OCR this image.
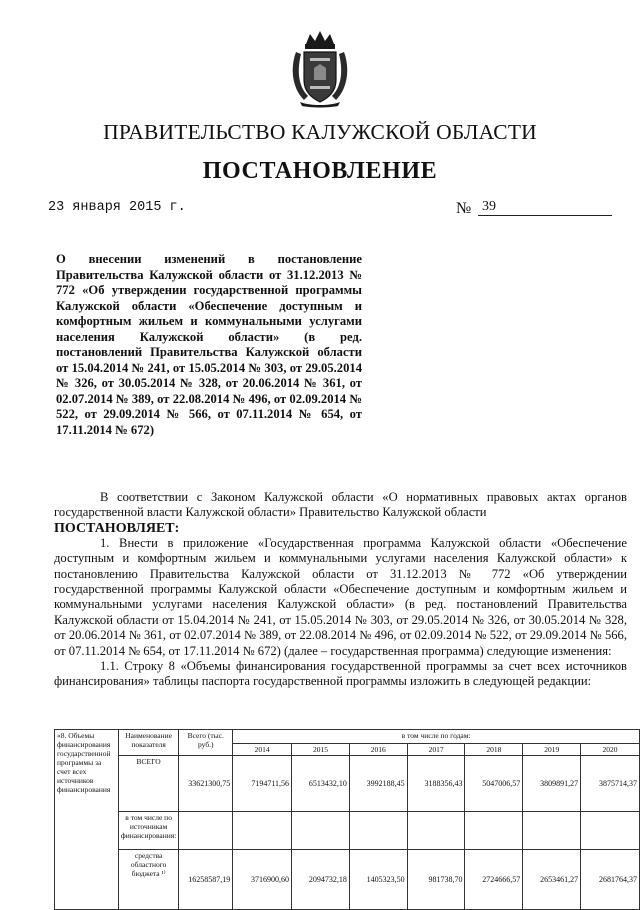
ПРАВИТЕЛЬСТВО КАЛУЖСКОЙ ОБЛАСТИ
ПОСТАНОВЛЕНИЕ
23 января 2015 г.	№ 39
О внесении изменений в постановление Правительства Калужской области от 31.12.2013 № 772 «Об утверждении государственной программы Калужской области «Обеспечение доступным и комфортным жильем и коммунальными услугами населения Калужской области» (в ред. постановлений Правительства Калужской области от 15.04.2014 № 241, от 15.05.2014 № 303, от 29.05.2014 № 326, от 30.05.2014 № 328, от 20.06.2014 № 361, от 02.07.2014 № 389, от 22.08.2014 № 496, от 02.09.2014 № 522, от 29.09.2014 № 566, от 07.11.2014 № 654, от 17.11.2014 № 672)

В соответствии с Законом Калужской области «О нормативных правовых актах органов государственной власти Калужской области» Правительство Калужской области

ПОСТАНОВЛЯЕТ:

1. Внести в приложение «Государственная программа Калужской области «Обеспечение доступным и комфортным жильем и коммунальными услугами населения Калужской области» к постановлению Правительства Калужской области от 31.12.2013 № 772 «Об утверждении государственной программы Калужской области «Обеспечение доступным и комфортным жильем и коммунальными услугами населения Калужской области» (в ред. постановлений Правительства Калужской области от 15.04.2014 № 241, от 15.05.2014 № 303, от 29.05.2014 № 326, от 30.05.2014 № 328, от 20.06.2014 № 361, от 02.07.2014 № 389, от 22.08.2014 № 496, от 02.09.2014 № 522, от 29.09.2014 № 566, от 07.11.2014 № 654, от 17.11.2014 № 672) (далее – государственная программа) следующие изменения:

1.1. Строку 8 «Объемы финансирования государственной программы за счет всех источников финансирования» таблицы паспорта государственной программы изложить в следующей редакции:

«8. Объемы финансирования государственной программы за счет всех источников финансирования	Наименование показателя	Всего (тыс. руб.)	в том числе по годам:						
			2014	2015	2016	2017	2018	2019	2020
	ВСЕГО	33621300,75	7194711,56	6513432,10	3992188,45	3188356,43	5047006,57	3809891,27	3875714,37
	в том числе по источникам финансирования:								
	средства областного бюджета ¹⁾	16258587,19	3716900,60	2094732,18	1405323,50	981738,70	2724666,57	2653461,27	2681764,37
